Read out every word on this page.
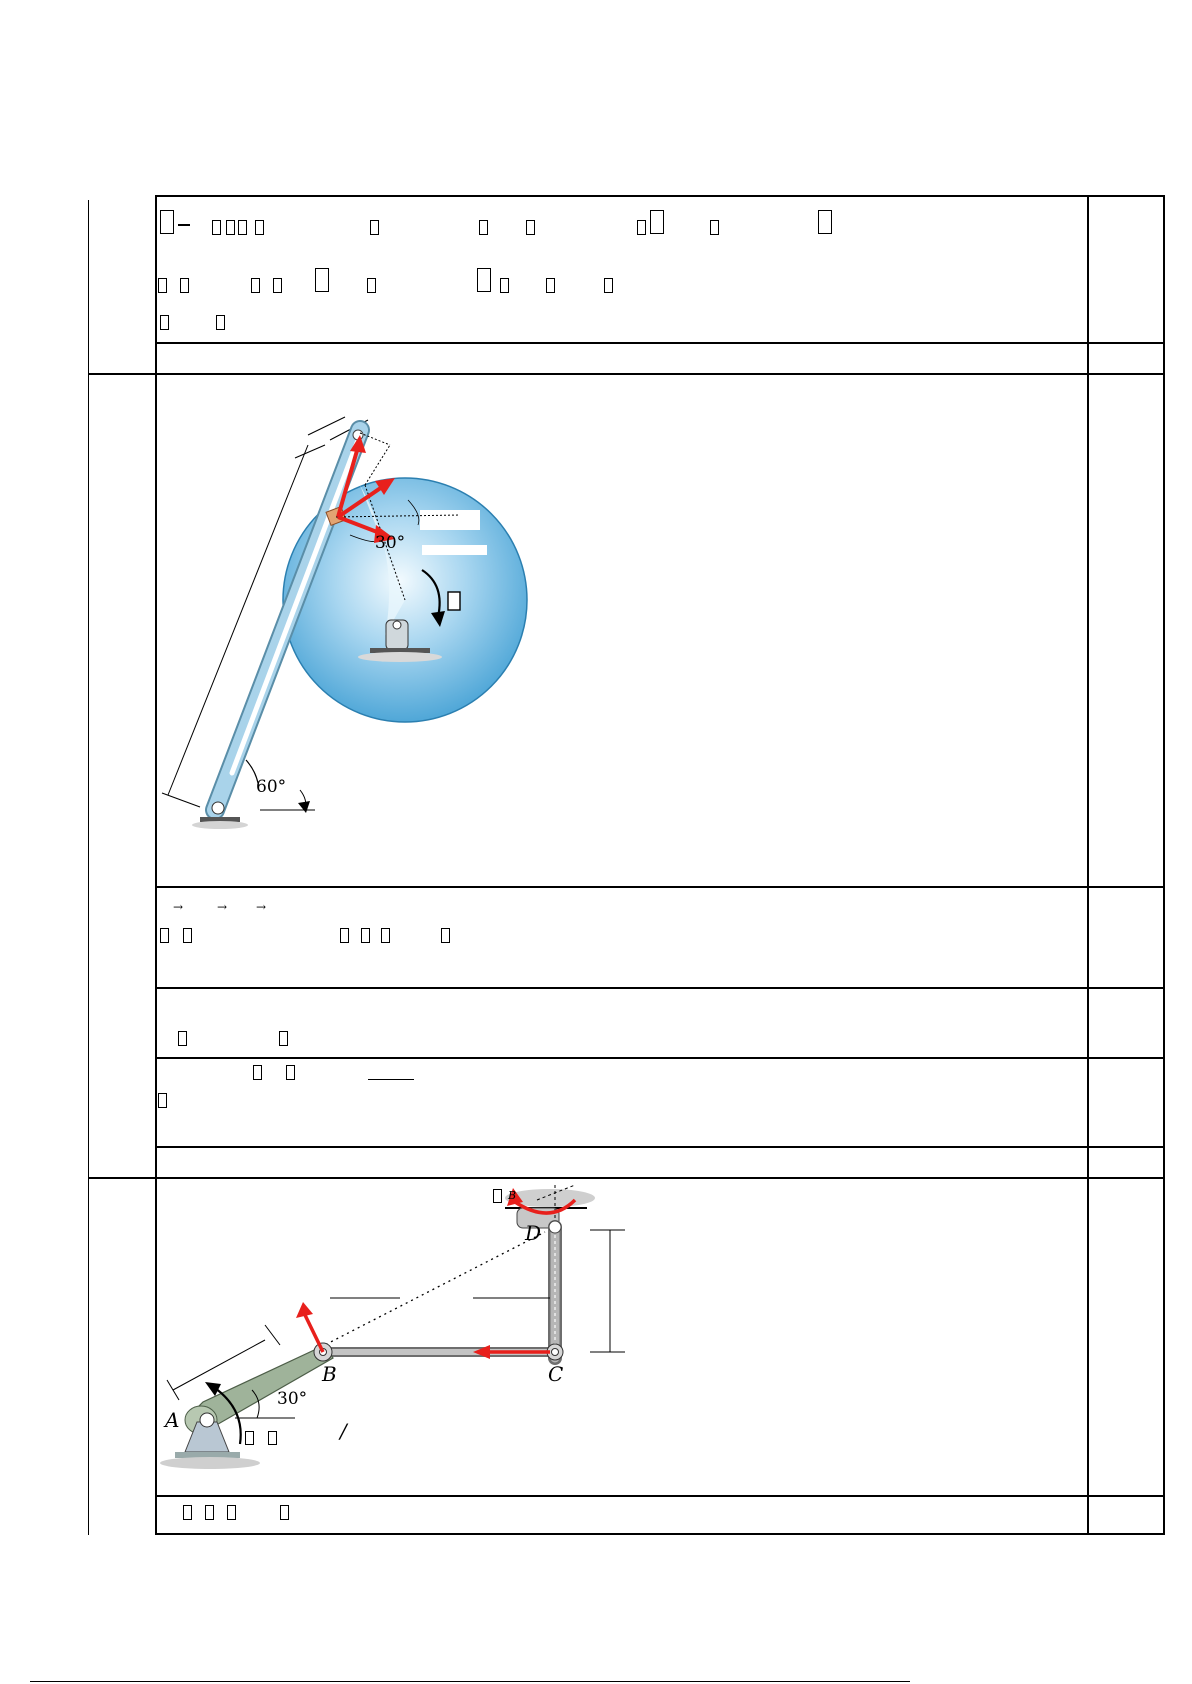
30°
60°
→	→ →
B
D
B	C
A
30°
/
